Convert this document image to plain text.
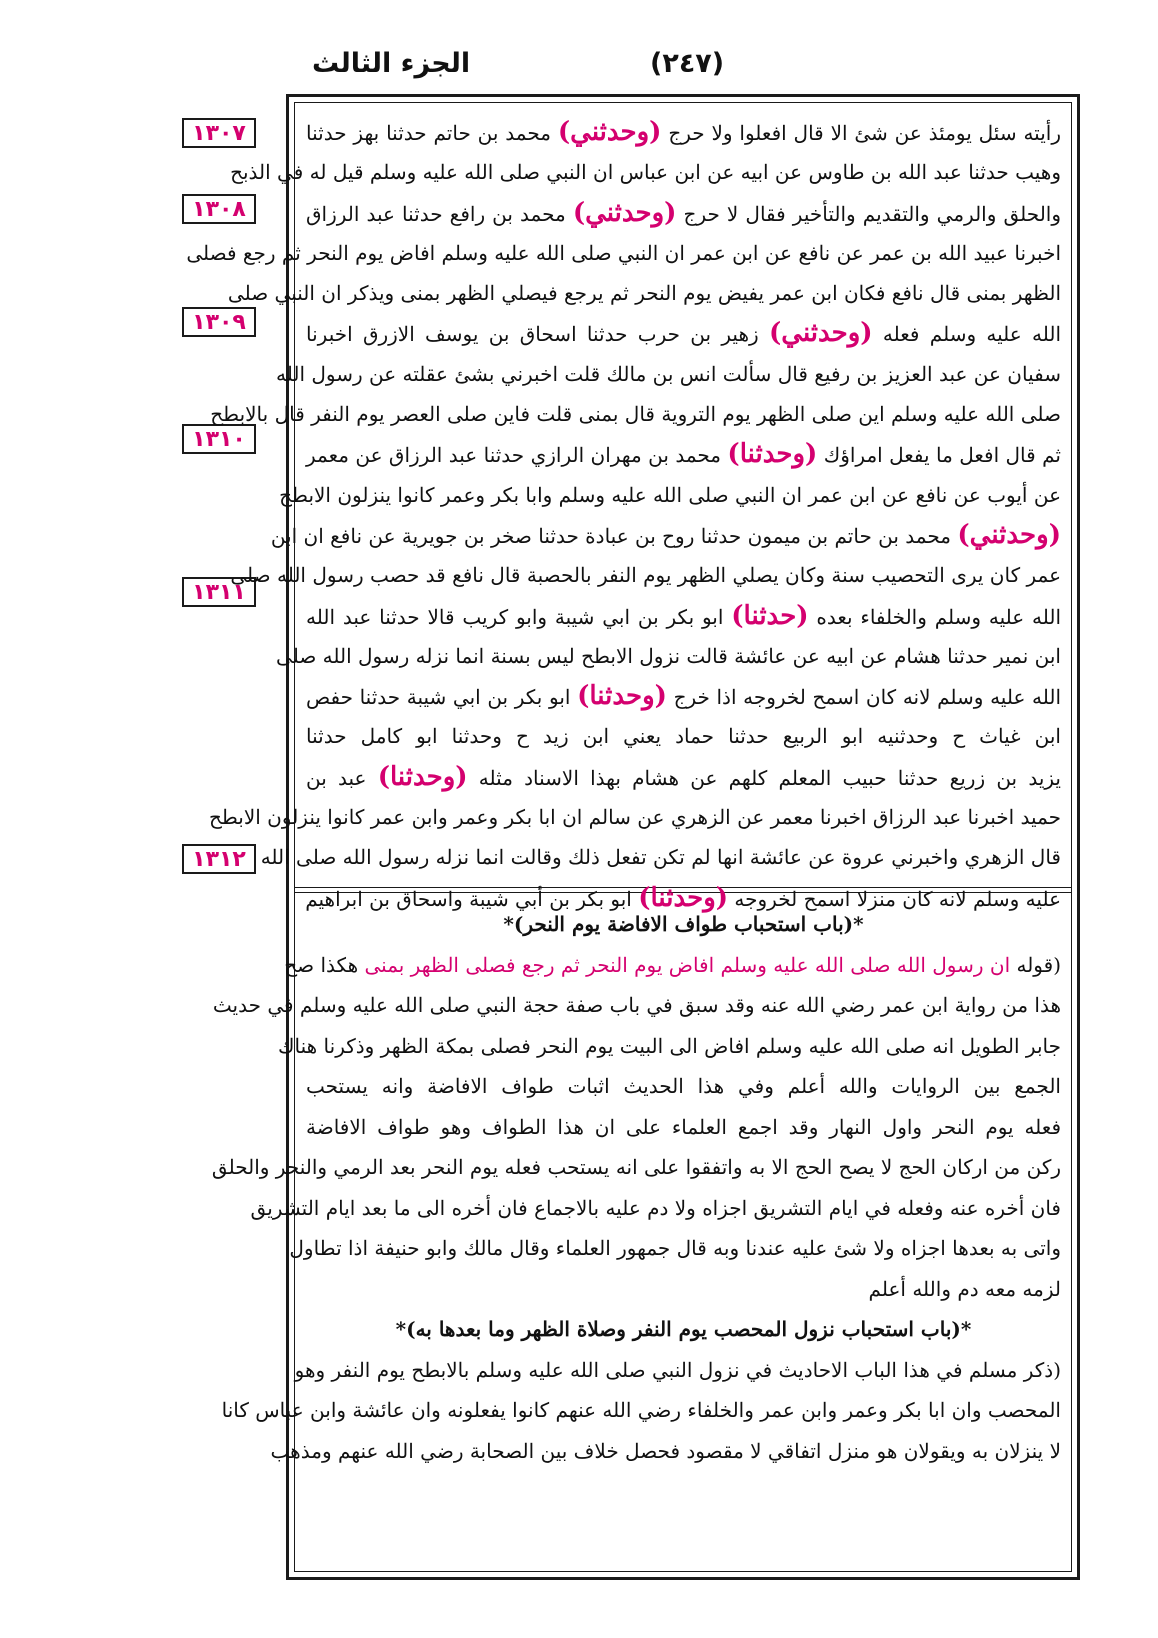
الجزء الثالث	(٢٤٧)
١٣٠٧
١٣٠٨
١٣٠٩
١٣١٠
١٣١١
١٣١٢
رأيته سئل يومئذ عن شئ الا قال افعلوا ولا حرج (وحدثني) محمد بن حاتم حدثنا بهز حدثنا
وهيب حدثنا عبد الله بن طاوس عن ابيه عن ابن عباس ان النبي صلى الله عليه وسلم قيل له في الذبح
والحلق والرمي والتقديم والتأخير فقال لا حرج (وحدثني) محمد بن رافع حدثنا عبد الرزاق
اخبرنا عبيد الله بن عمر عن نافع عن ابن عمر ان النبي صلى الله عليه وسلم افاض يوم النحر ثم رجع فصلى
الظهر بمنى قال نافع فكان ابن عمر يفيض يوم النحر ثم يرجع فيصلي الظهر بمنى ويذكر ان النبي صلى
الله عليه وسلم فعله (وحدثني) زهير بن حرب حدثنا اسحاق بن يوسف الازرق اخبرنا
سفيان عن عبد العزيز بن رفيع قال سألت انس بن مالك قلت اخبرني بشئ عقلته عن رسول الله
صلى الله عليه وسلم اين صلى الظهر يوم التروية قال بمنى قلت فاين صلى العصر يوم النفر قال بالابطح
ثم قال افعل ما يفعل امراؤك (وحدثنا) محمد بن مهران الرازي حدثنا عبد الرزاق عن معمر
عن أيوب عن نافع عن ابن عمر ان النبي صلى الله عليه وسلم وابا بكر وعمر كانوا ينزلون الابطح
(وحدثني) محمد بن حاتم بن ميمون حدثنا روح بن عبادة حدثنا صخر بن جويرية عن نافع ان ابن
عمر كان يرى التحصيب سنة وكان يصلي الظهر يوم النفر بالحصبة قال نافع قد حصب رسول الله صلى
الله عليه وسلم والخلفاء بعده (حدثنا) ابو بكر بن ابي شيبة وابو كريب قالا حدثنا عبد الله
ابن نمير حدثنا هشام عن ابيه عن عائشة قالت نزول الابطح ليس بسنة انما نزله رسول الله صلى
الله عليه وسلم لانه كان اسمح لخروجه اذا خرج (وحدثنا) ابو بكر بن ابي شيبة حدثنا حفص
ابن غياث ح وحدثنيه ابو الربيع حدثنا حماد يعني ابن زيد ح وحدثنا ابو كامل حدثنا
يزيد بن زريع حدثنا حبيب المعلم كلهم عن هشام بهذا الاسناد مثله (وحدثنا) عبد بن
حميد اخبرنا عبد الرزاق اخبرنا معمر عن الزهري عن سالم ان ابا بكر وعمر وابن عمر كانوا ينزلون الابطح
قال الزهري واخبرني عروة عن عائشة انها لم تكن تفعل ذلك وقالت انما نزله رسول الله صلى الله
عليه وسلم لانه كان منزلا اسمح لخروجه (وحدثنا) ابو بكر بن أبي شيبة واسحاق بن ابراهيم
*(باب استحباب طواف الافاضة يوم النحر)*
(قوله ان رسول الله صلى الله عليه وسلم افاض يوم النحر ثم رجع فصلى الظهر بمنى هكذا صح
هذا من رواية ابن عمر رضي الله عنه وقد سبق في باب صفة حجة النبي صلى الله عليه وسلم في حديث
جابر الطويل انه صلى الله عليه وسلم افاض الى البيت يوم النحر فصلى بمكة الظهر وذكرنا هناك
الجمع بين الروايات والله أعلم وفي هذا الحديث اثبات طواف الافاضة وانه يستحب
فعله يوم النحر واول النهار وقد اجمع العلماء على ان هذا الطواف وهو طواف الافاضة
ركن من اركان الحج لا يصح الحج الا به واتفقوا على انه يستحب فعله يوم النحر بعد الرمي والنحر والحلق
فان أخره عنه وفعله في ايام التشريق اجزاه ولا دم عليه بالاجماع فان أخره الى ما بعد ايام التشريق
واتى به بعدها اجزاه ولا شئ عليه عندنا وبه قال جمهور العلماء وقال مالك وابو حنيفة اذا تطاول
لزمه معه دم والله أعلم
*(باب استحباب نزول المحصب يوم النفر وصلاة الظهر وما بعدها به)*
(ذكر مسلم في هذا الباب الاحاديث في نزول النبي صلى الله عليه وسلم بالابطح يوم النفر وهو
المحصب وان ابا بكر وعمر وابن عمر والخلفاء رضي الله عنهم كانوا يفعلونه وان عائشة وابن عباس كانا
لا ينزلان به ويقولان هو منزل اتفاقي لا مقصود فحصل خلاف بين الصحابة رضي الله عنهم ومذهب
